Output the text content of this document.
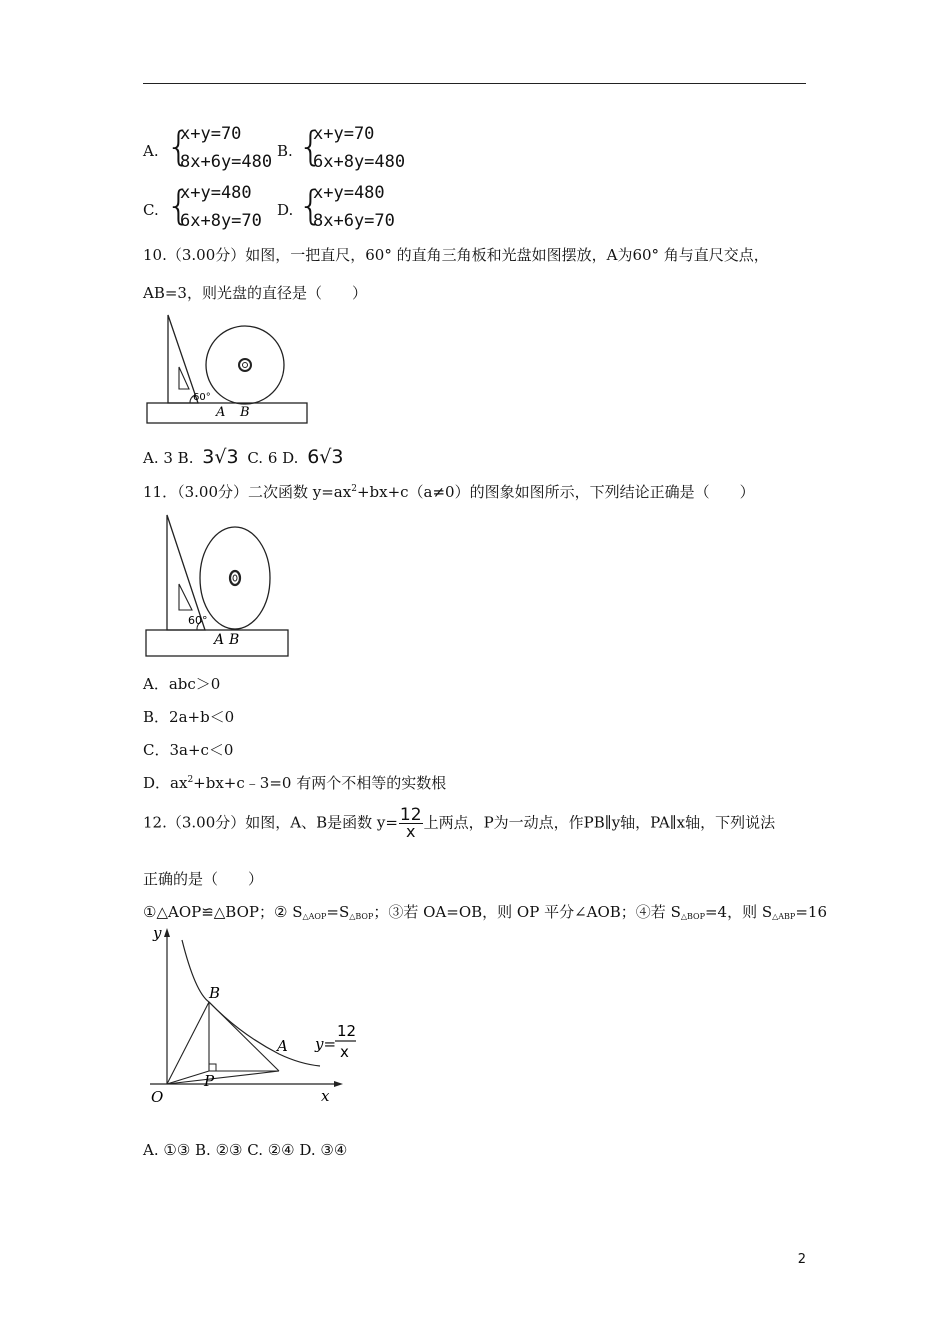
A. {
x+y=70
8x+6y=480
B. {
x+y=70
6x+8y=480
C. {
x+y=480
6x+8y=70
D. {
x+y=480
8x+6y=70
10.（3.00分）如图，一把直尺，60° 的直角三角板和光盘如图摆放，A为60° 角与直尺交点，
AB=3，则光盘的直径是（　　）
60°
A B
A. 3 B. 3√3 C. 6 D. 6√3
11．（3.00分）二次函数 $y=ax^2+bx+c(a\ne 0)$的图象如图所示，下列结论正确是（　　）
60°
A B
A．abc＞0
B．2a+b＜0
C．3a+c＜0
D．$ax^2+bx+c﹣3=0$ 有两个不相等的实数根
12.（3.00分）如图，A、B是函数 $y= \frac{12}{x}$ 上两点，P为一动点，作PB∥y轴，PA∥x轴，下列说法
正确的是（　　）
①△AOP≌△BOP；② $S_{\triangle AOP}=S_{\triangle BOP}$；③若 OA=OB，则 OP 平分∠AOB；④若 $S_{\triangle BOP}=4$，则 $S_{\triangle ABP}=16$
y
x
O
B
A
P
y=
12
x
A. ①③ B. ②③ C. ②④ D. ③④
2
